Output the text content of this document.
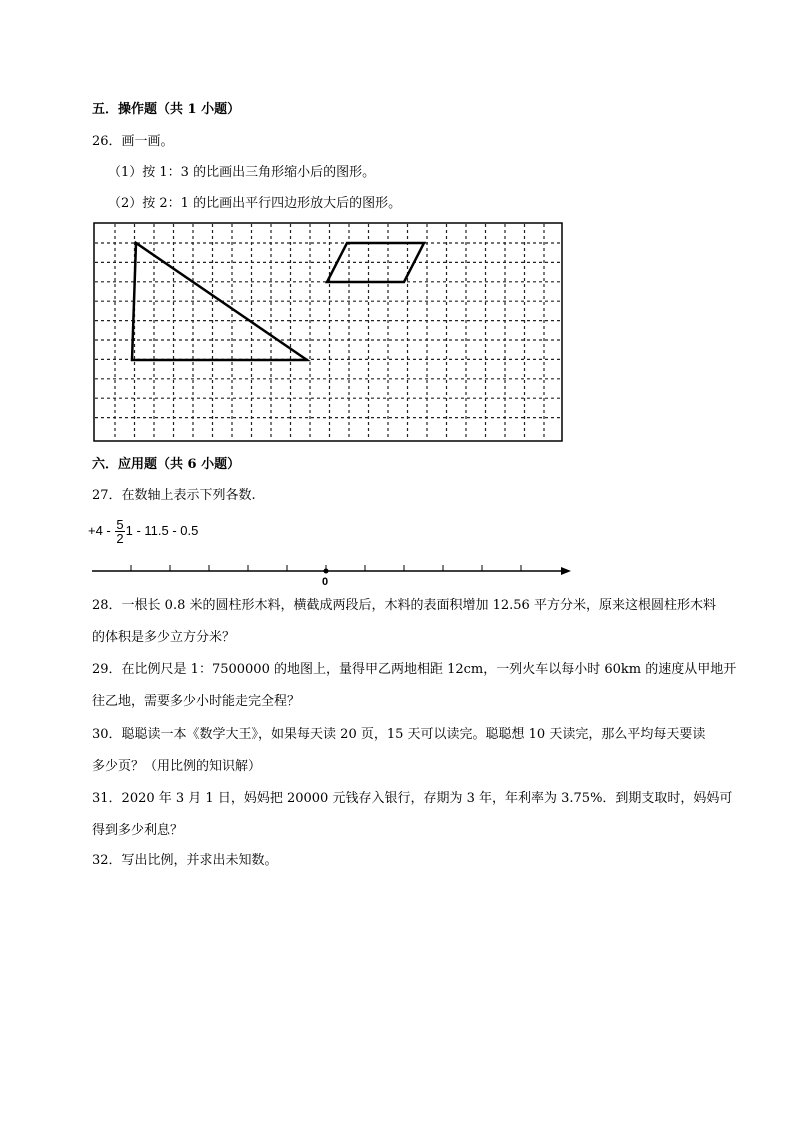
五．操作题（共 1 小题）
26．画一画。
（1）按 1：3 的比画出三角形缩小后的图形。
（2）按 2：1 的比画出平行四边形放大后的图形。
0
六．应用题（共 6 小题）
27．在数轴上表示下列各数.
$+4 - \frac{5}{2} 1 - 11.5 - 0.5$
28．一根长 0.8 米的圆柱形木料，横截成两段后，木料的表面积增加 12.56 平方分米，原来这根圆柱形木料
的体积是多少立方分米？
29．在比例尺是 1：7500000 的地图上，量得甲乙两地相距 12cm，一列火车以每小时 60km 的速度从甲地开
往乙地，需要多少小时能走完全程？
30．聪聪读一本《数学大王》，如果每天读 20 页，15 天可以读完。聪聪想 10 天读完，那么平均每天要读
多少页？（用比例的知识解）
31．2020 年 3 月 1 日，妈妈把 20000 元钱存入银行，存期为 3 年，年利率为 3.75%．到期支取时，妈妈可
得到多少利息？
32．写出比例，并求出未知数。
